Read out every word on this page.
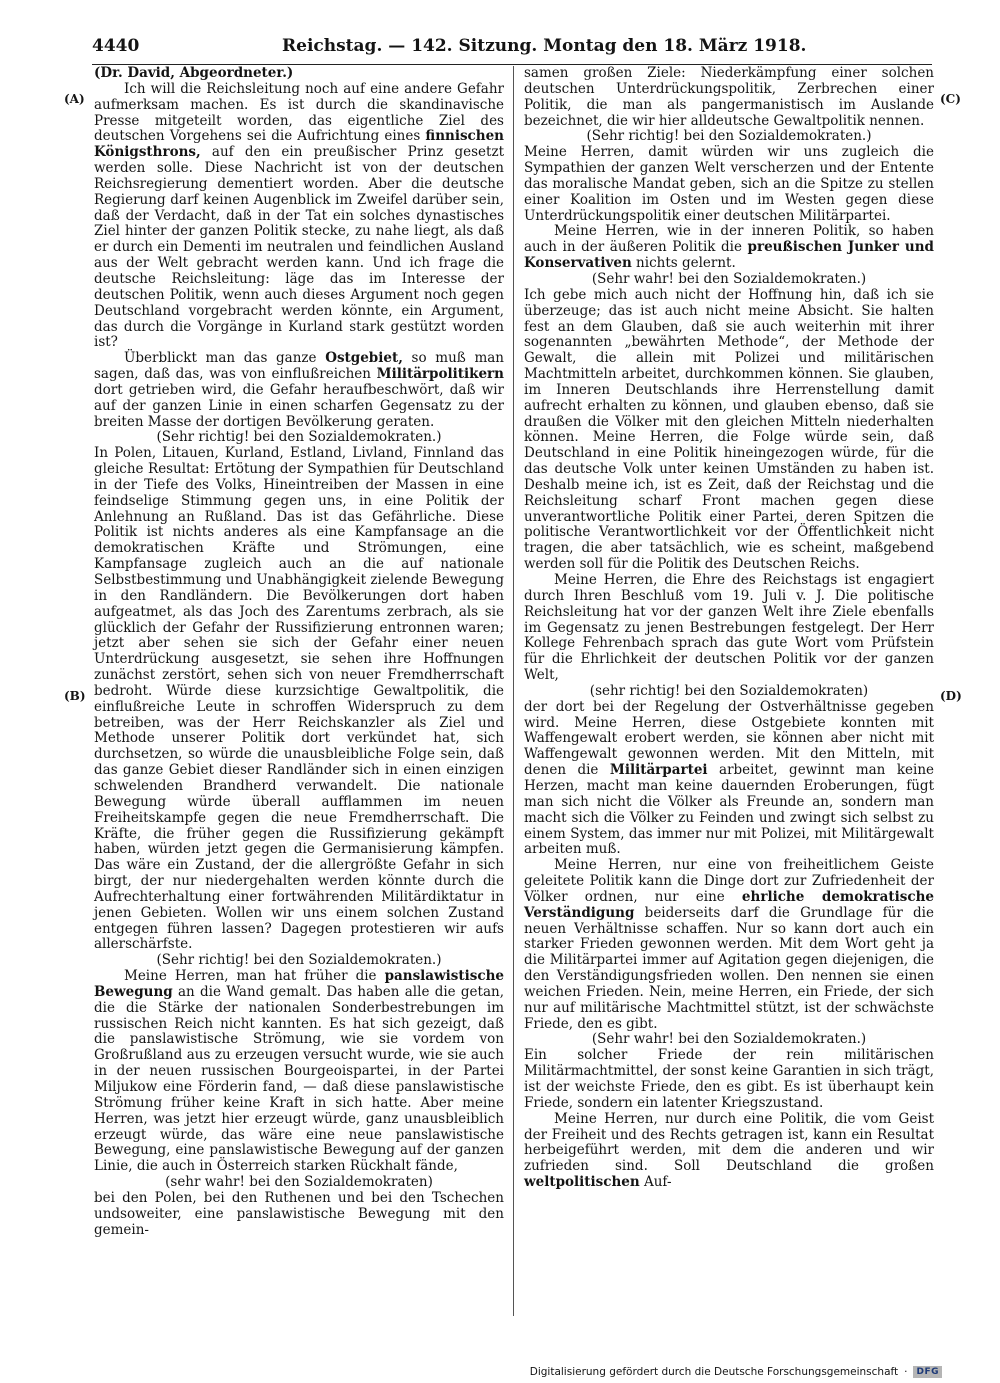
4440	Reichstag. — 142. Sitzung. Montag den 18. März 1918.
(A)
(B)
(C)
(D)

(Dr. David, Abgeordneter.)

Ich will die Reichsleitung noch auf eine andere Gefahr aufmerksam machen. Es ist durch die skandinavische Presse mitgeteilt worden, das eigentliche Ziel des deutschen Vorgehens sei die Aufrichtung eines finnischen Königsthrons, auf den ein preußischer Prinz gesetzt werden solle. Diese Nachricht ist von der deutschen Reichsregierung dementiert worden. Aber die deutsche Regierung darf keinen Augenblick im Zweifel darüber sein, daß der Verdacht, daß in der Tat ein solches dynastisches Ziel hinter der ganzen Politik stecke, zu nahe liegt, als daß er durch ein Dementi im neutralen und feindlichen Ausland aus der Welt gebracht werden kann. Und ich frage die deutsche Reichsleitung: läge das im Interesse der deutschen Politik, wenn auch dieses Argument noch gegen Deutschland vorgebracht werden könnte, ein Argument, das durch die Vorgänge in Kurland stark gestützt worden ist?

Überblickt man das ganze Ostgebiet, so muß man sagen, daß das, was von einflußreichen Militärpolitikern dort getrieben wird, die Gefahr heraufbeschwört, daß wir auf der ganzen Linie in einen scharfen Gegensatz zu der breiten Masse der dortigen Bevölkerung geraten.

(Sehr richtig! bei den Sozialdemokraten.)

In Polen, Litauen, Kurland, Estland, Livland, Finnland das gleiche Resultat: Ertötung der Sympathien für Deutschland in der Tiefe des Volks, Hineintreiben der Massen in eine feindselige Stimmung gegen uns, in eine Politik der Anlehnung an Rußland. Das ist das Gefährliche. Diese Politik ist nichts anderes als eine Kampfansage an die demokratischen Kräfte und Strömungen, eine Kampfansage zugleich auch an die auf nationale Selbstbestimmung und Unabhängigkeit zielende Bewegung in den Randländern. Die Bevölkerungen dort haben aufgeatmet, als das Joch des Zarentums zerbrach, als sie glücklich der Gefahr der Russifizierung entronnen waren; jetzt aber sehen sie sich der Gefahr einer neuen Unterdrückung ausgesetzt, sie sehen ihre Hoffnungen zunächst zerstört, sehen sich von neuer Fremdherrschaft bedroht. Würde diese kurzsichtige Gewaltpolitik, die einflußreiche Leute in schroffen Widerspruch zu dem betreiben, was der Herr Reichskanzler als Ziel und Methode unserer Politik dort verkündet hat, sich durchsetzen, so würde die unausbleibliche Folge sein, daß das ganze Gebiet dieser Randländer sich in einen einzigen schwelenden Brandherd verwandelt. Die nationale Bewegung würde überall aufflammen im neuen Freiheitskampfe gegen die neue Fremdherrschaft. Die Kräfte, die früher gegen die Russifizierung gekämpft haben, würden jetzt gegen die Germanisierung kämpfen. Das wäre ein Zustand, der die allergrößte Gefahr in sich birgt, der nur niedergehalten werden könnte durch die Aufrechterhaltung einer fortwährenden Militärdiktatur in jenen Gebieten. Wollen wir uns einem solchen Zustand entgegen führen lassen? Dagegen protestieren wir aufs allerschärfste.

(Sehr richtig! bei den Sozialdemokraten.)

Meine Herren, man hat früher die panslawistische Bewegung an die Wand gemalt. Das haben alle die getan, die die Stärke der nationalen Sonderbestrebungen im russischen Reich nicht kannten. Es hat sich gezeigt, daß die panslawistische Strömung, wie sie vordem von Großrußland aus zu erzeugen versucht wurde, wie sie auch in der neuen russischen Bourgeoispartei, in der Partei Miljukow eine Förderin fand, — daß diese panslawistische Strömung früher keine Kraft in sich hatte. Aber meine Herren, was jetzt hier erzeugt würde, ganz unausbleiblich erzeugt würde, das wäre eine neue panslawistische Bewegung, eine panslawistische Bewegung auf der ganzen Linie, die auch in Österreich starken Rückhalt fände,

(sehr wahr! bei den Sozialdemokraten)

bei den Polen, bei den Ruthenen und bei den Tschechen undsoweiter, eine panslawistische Bewegung mit den gemein-

samen großen Ziele: Niederkämpfung einer solchen deutschen Unterdrückungspolitik, Zerbrechen einer Politik, die man als pangermanistisch im Auslande bezeichnet, die wir hier alldeutsche Gewaltpolitik nennen.

(Sehr richtig! bei den Sozialdemokraten.)

Meine Herren, damit würden wir uns zugleich die Sympathien der ganzen Welt verscherzen und der Entente das moralische Mandat geben, sich an die Spitze zu stellen einer Koalition im Osten und im Westen gegen diese Unterdrückungspolitik einer deutschen Militärpartei.

Meine Herren, wie in der inneren Politik, so haben auch in der äußeren Politik die preußischen Junker und Konservativen nichts gelernt.

(Sehr wahr! bei den Sozialdemokraten.)

Ich gebe mich auch nicht der Hoffnung hin, daß ich sie überzeuge; das ist auch nicht meine Absicht. Sie halten fest an dem Glauben, daß sie auch weiterhin mit ihrer sogenannten „bewährten Methode“, der Methode der Gewalt, die allein mit Polizei und militärischen Machtmitteln arbeitet, durchkommen können. Sie glauben, im Inneren Deutschlands ihre Herrenstellung damit aufrecht erhalten zu können, und glauben ebenso, daß sie draußen die Völker mit den gleichen Mitteln niederhalten können. Meine Herren, die Folge würde sein, daß Deutschland in eine Politik hineingezogen würde, für die das deutsche Volk unter keinen Umständen zu haben ist. Deshalb meine ich, ist es Zeit, daß der Reichstag und die Reichsleitung scharf Front machen gegen diese unverantwortliche Politik einer Partei, deren Spitzen die politische Verantwortlichkeit vor der Öffentlichkeit nicht tragen, die aber tatsächlich, wie es scheint, maßgebend werden soll für die Politik des Deutschen Reichs.

Meine Herren, die Ehre des Reichstags ist engagiert durch Ihren Beschluß vom 19. Juli v. J. Die politische Reichsleitung hat vor der ganzen Welt ihre Ziele ebenfalls im Gegensatz zu jenen Bestrebungen festgelegt. Der Herr Kollege Fehrenbach sprach das gute Wort vom Prüfstein für die Ehrlichkeit der deutschen Politik vor der ganzen Welt,

(sehr richtig! bei den Sozialdemokraten)

der dort bei der Regelung der Ostverhältnisse gegeben wird. Meine Herren, diese Ostgebiete konnten mit Waffengewalt erobert werden, sie können aber nicht mit Waffengewalt gewonnen werden. Mit den Mitteln, mit denen die Militärpartei arbeitet, gewinnt man keine Herzen, macht man keine dauernden Eroberungen, fügt man sich nicht die Völker als Freunde an, sondern man macht sich die Völker zu Feinden und zwingt sich selbst zu einem System, das immer nur mit Polizei, mit Militärgewalt arbeiten muß.

Meine Herren, nur eine von freiheitlichem Geiste geleitete Politik kann die Dinge dort zur Zufriedenheit der Völker ordnen, nur eine ehrliche demokratische Verständigung beiderseits darf die Grundlage für die neuen Verhältnisse schaffen. Nur so kann dort auch ein starker Frieden gewonnen werden. Mit dem Wort geht ja die Militärpartei immer auf Agitation gegen diejenigen, die den Verständigungsfrieden wollen. Den nennen sie einen weichen Frieden. Nein, meine Herren, ein Friede, der sich nur auf militärische Machtmittel stützt, ist der schwächste Friede, den es gibt.

(Sehr wahr! bei den Sozialdemokraten.)

Ein solcher Friede der rein militärischen Militärmachtmittel, der sonst keine Garantien in sich trägt, ist der weichste Friede, den es gibt. Es ist überhaupt kein Friede, sondern ein latenter Kriegszustand.

Meine Herren, nur durch eine Politik, die vom Geist der Freiheit und des Rechts getragen ist, kann ein Resultat herbeigeführt werden, mit dem die anderen und wir zufrieden sind. Soll Deutschland die großen weltpolitischen Auf-

Digitalisierung gefördert durch die Deutsche Forschungsgemeinschaft ·	DFG
